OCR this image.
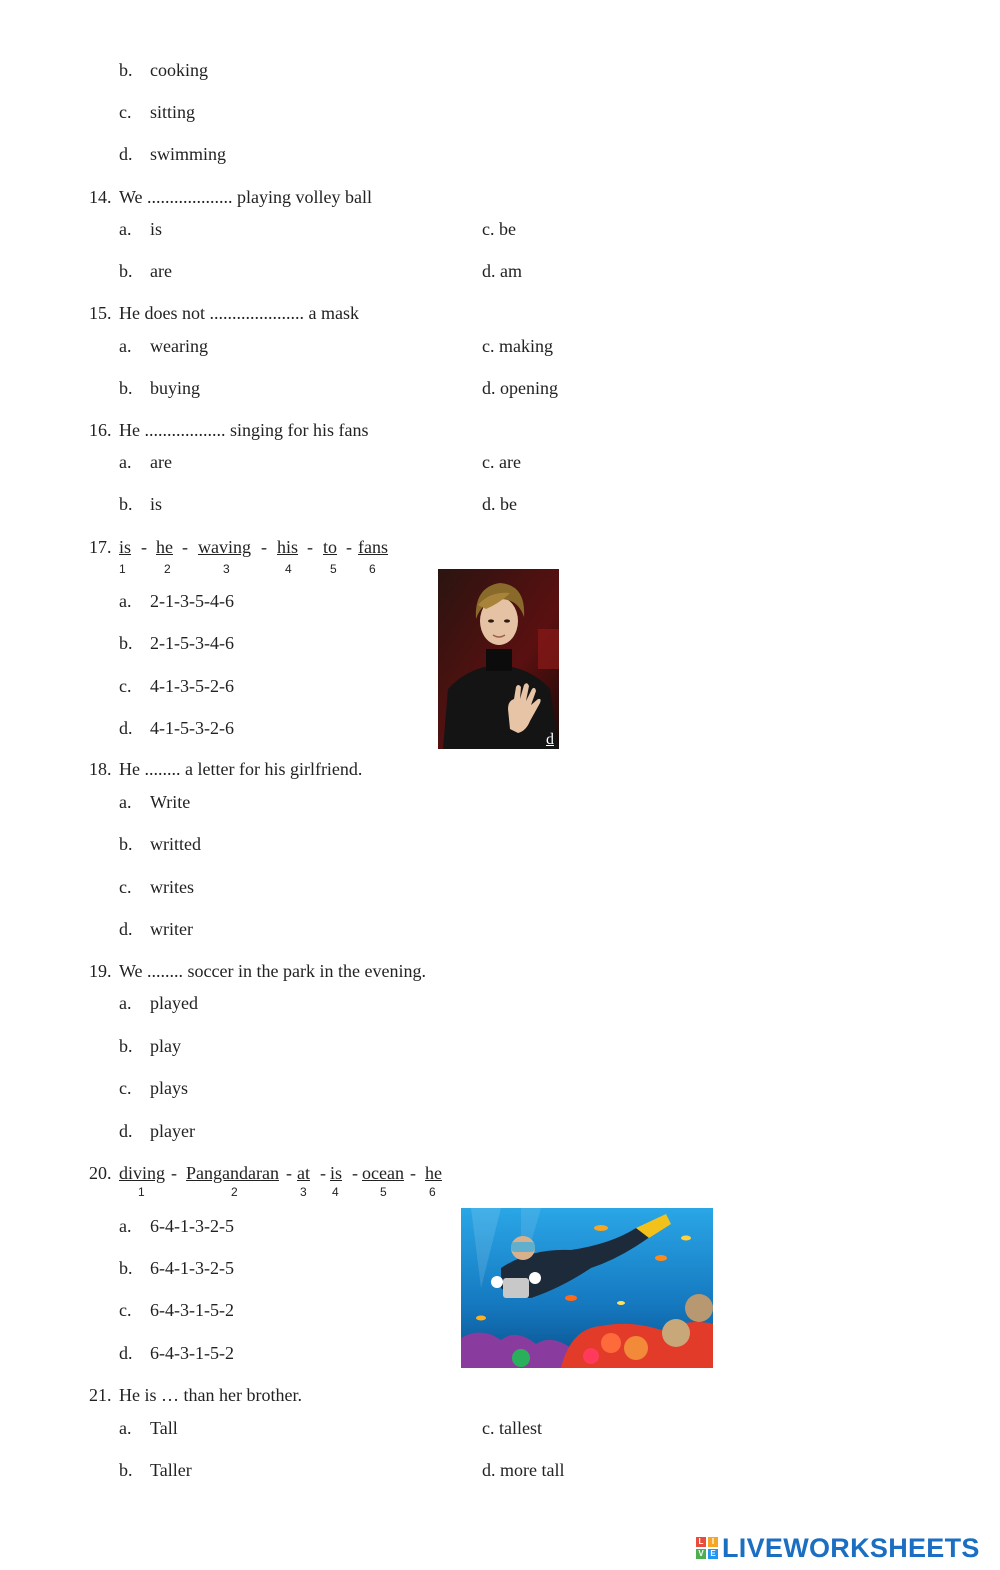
b. cooking
c. sitting
d. swimming
14. We ................... playing volley ball
a. is	c. be
b. are	d. am
15. He does not ..................... a mask
a. wearing	c. making
b. buying	d. opening
16. He .................. singing for his fans
a. are	c. are
b. is	d. be
17. is - he - waving - his - to - fans
1	2	3	4	5	6
a. 2-1-3-5-4-6
b. 2-1-5-3-4-6
c. 4-1-3-5-2-6
d. 4-1-5-3-2-6
d
18. He ........ a letter for his girlfriend.
a. Write
b. writted
c. writes
d. writer
19. We ........ soccer in the park in the evening.
a. played
b. play
c. plays
d. player
20. diving - Pangandaran - at - is - ocean - he
1	2	3 4	5	6
a. 6-4-1-3-2-5
b. 6-4-1-3-2-5
c. 6-4-3-1-5-2
d. 6-4-3-1-5-2
21. He is … than her brother.
a. Tall	c. tallest
b. Taller	d. more tall
L	I
V E LIVEWORKSHEETS
